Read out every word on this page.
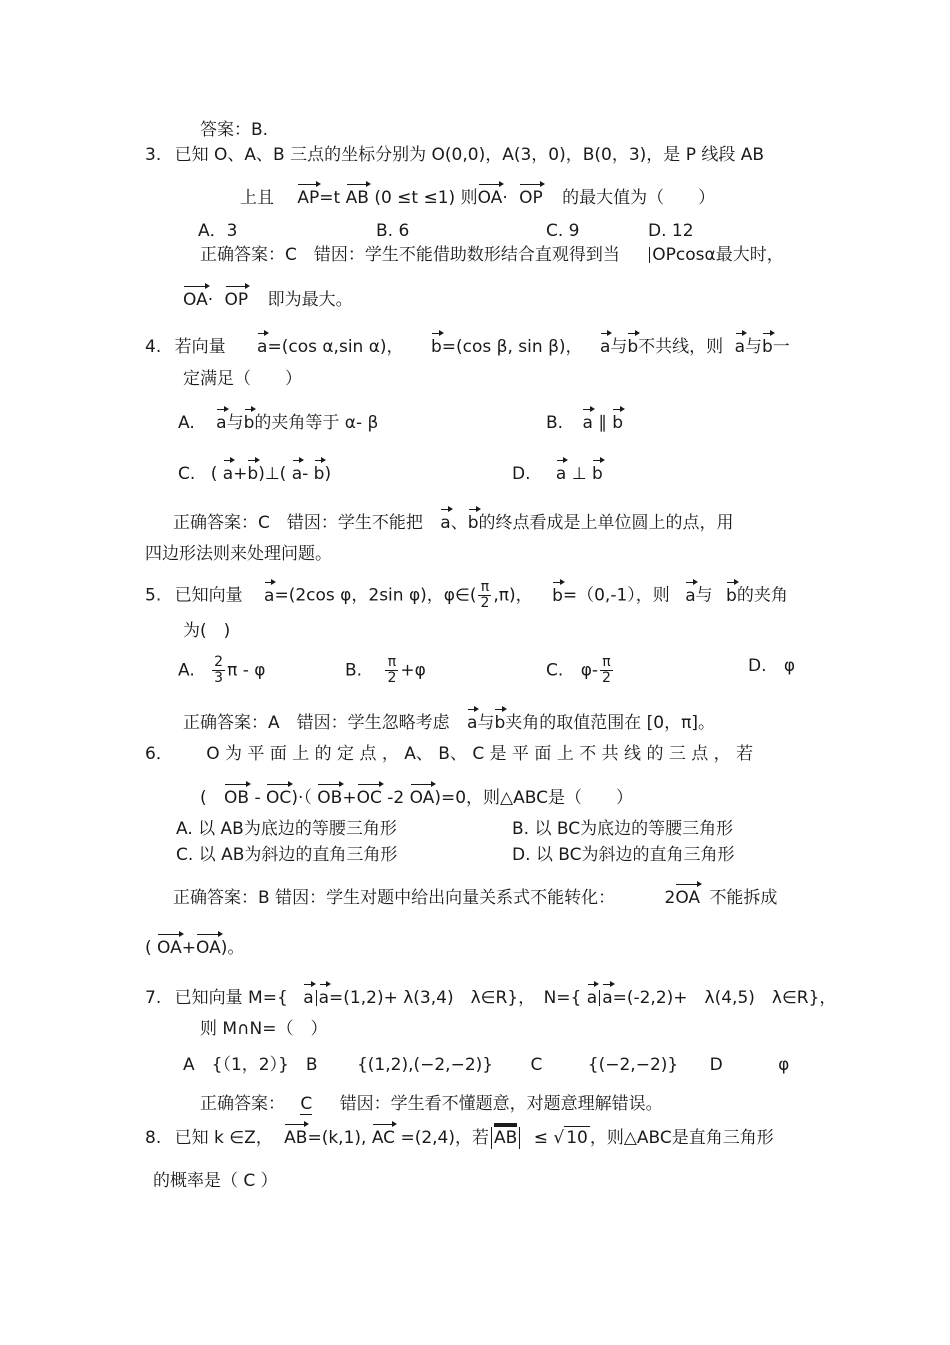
答案：B.
3. 已知 O、A、B 三点的坐标分别为 O(0,0)，A(3，0)，B(0，3)，是 P 线段 AB
上且 AP=t AB (0 ≤t ≤1) 则OA· OP 的最大值为（　　）
A．3	B. 6	C. 9	D. 12
正确答案：C　错因：学生不能借助数形结合直观得到当 OPcosα最大时，
OA· OP 即为最大。
4. 若向量 a=(cos α,sin α)， b=(cos β, sin β)， a与b不共线，则 a与b一
定满足（　　）
A. a与b的夹角等于 α- β	B. a ∥ b
C. ( a+b)⊥( a- b)	D. a ⊥ b
正确答案：C　错因：学生不能把 a、b的终点看成是上单位圆上的点，用
四边形法则来处理问题。
5. 已知向量 a=(2cos φ，2sin φ)，φ∈( $\frac{\pi}{2} ,\pi$)， b=（0,-1），则 a与 b的夹角
为(　)
A. $\frac{2}{3}$ π - φ	B. $\frac{\pi}{2} +\varphi$	C. $\varphi- \frac{\pi}{2}$	D. φ
正确答案：A　错因：学生忽略考虑 a与b夹角的取值范围在 [0，π]。
6． O 为 平 面 上 的 定 点 ， A、 B、 C 是 平 面 上 不 共 线 的 三 点 ， 若
( OB - OC)·（ OB+OC -2 OA)=0，则△ABC是（　　）
A. 以 AB为底边的等腰三角形	B. 以 BC为底边的等腰三角形
C. 以 AB为斜边的直角三角形	D. 以 BC为斜边的直角三角形
正确答案：B 错因：学生对题中给出向量关系式不能转化：	2OA 不能拆成
( OA+OA)。
7. 已知向量 M={ a a=(1,2)+ λ(3,4)　λ∈R}，　N={ a a=(-2,2)+　λ(4,5)　λ∈R}，
则 M∩N=（　）
A　{（1，2）}　B {(1,2),(−2,−2)} C	{(−2,−2)} D	φ
正确答案： C 错因：学生看不懂题意，对题意理解错误。
8. 已知 k ∈Z， AB=(k,1), AC =(2,4)，若 AB ≤ √ 10 ，则△ABC是直角三角形
的概率是（ C ）
